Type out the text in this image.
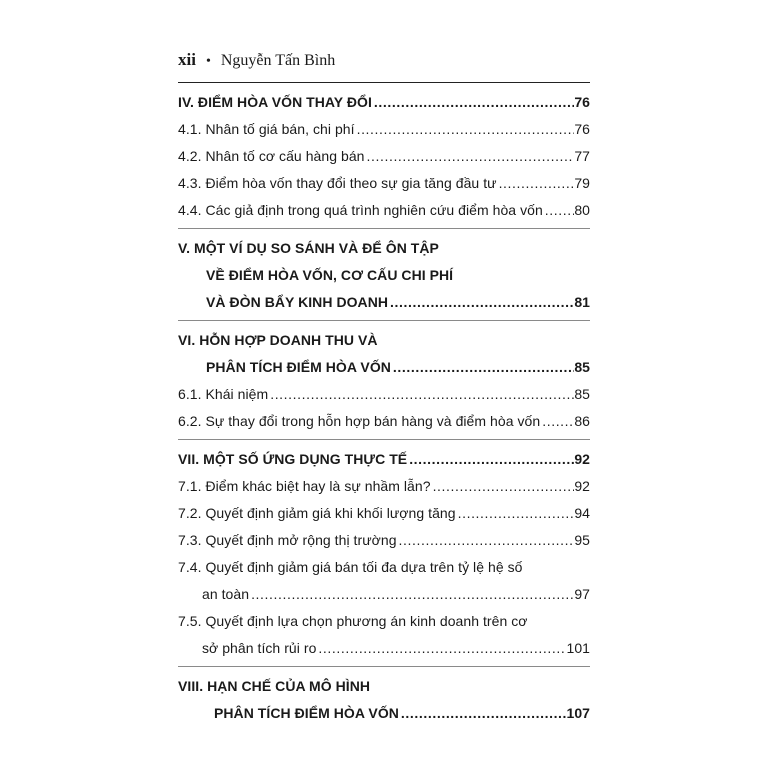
xii • Nguyễn Tấn Bình
IV. ĐIỂM HÒA VỐN THAY ĐỔI .....	76
4.1. Nhân tố giá bán, chi phí .....	76
4.2. Nhân tố cơ cấu hàng bán .....	77
4.3. Điểm hòa vốn thay đổi theo sự gia tăng đầu tư .....	79
4.4. Các giả định trong quá trình nghiên cứu điểm hòa vốn ..... 80
V. MỘT VÍ DỤ SO SÁNH VÀ ĐỂ ÔN TẬP
VỀ ĐIỂM HÒA VỐN, CƠ CẤU CHI PHÍ
VÀ ĐÒN BẨY KINH DOANH .....	81
VI. HỖN HỢP DOANH THU VÀ
PHÂN TÍCH ĐIỂM HÒA VỐN .....	85
6.1. Khái niệm .....	85
6.2. Sự thay đổi trong hỗn hợp bán hàng và điểm hòa vốn ..... 86
VII. MỘT SỐ ỨNG DỤNG THỰC TẾ .....	92
7.1. Điểm khác biệt hay là sự nhầm lẫn? .....	92
7.2. Quyết định giảm giá khi khối lượng tăng .....	94
7.3. Quyết định mở rộng thị trường .....	95
7.4. Quyết định giảm giá bán tối đa dựa trên tỷ lệ hệ số
an toàn .....	97
7.5. Quyết định lựa chọn phương án kinh doanh trên cơ
sở phân tích rủi ro .....	101
VIII. HẠN CHẾ CỦA MÔ HÌNH
PHÂN TÍCH ĐIỂM HÒA VỐN .....	107
